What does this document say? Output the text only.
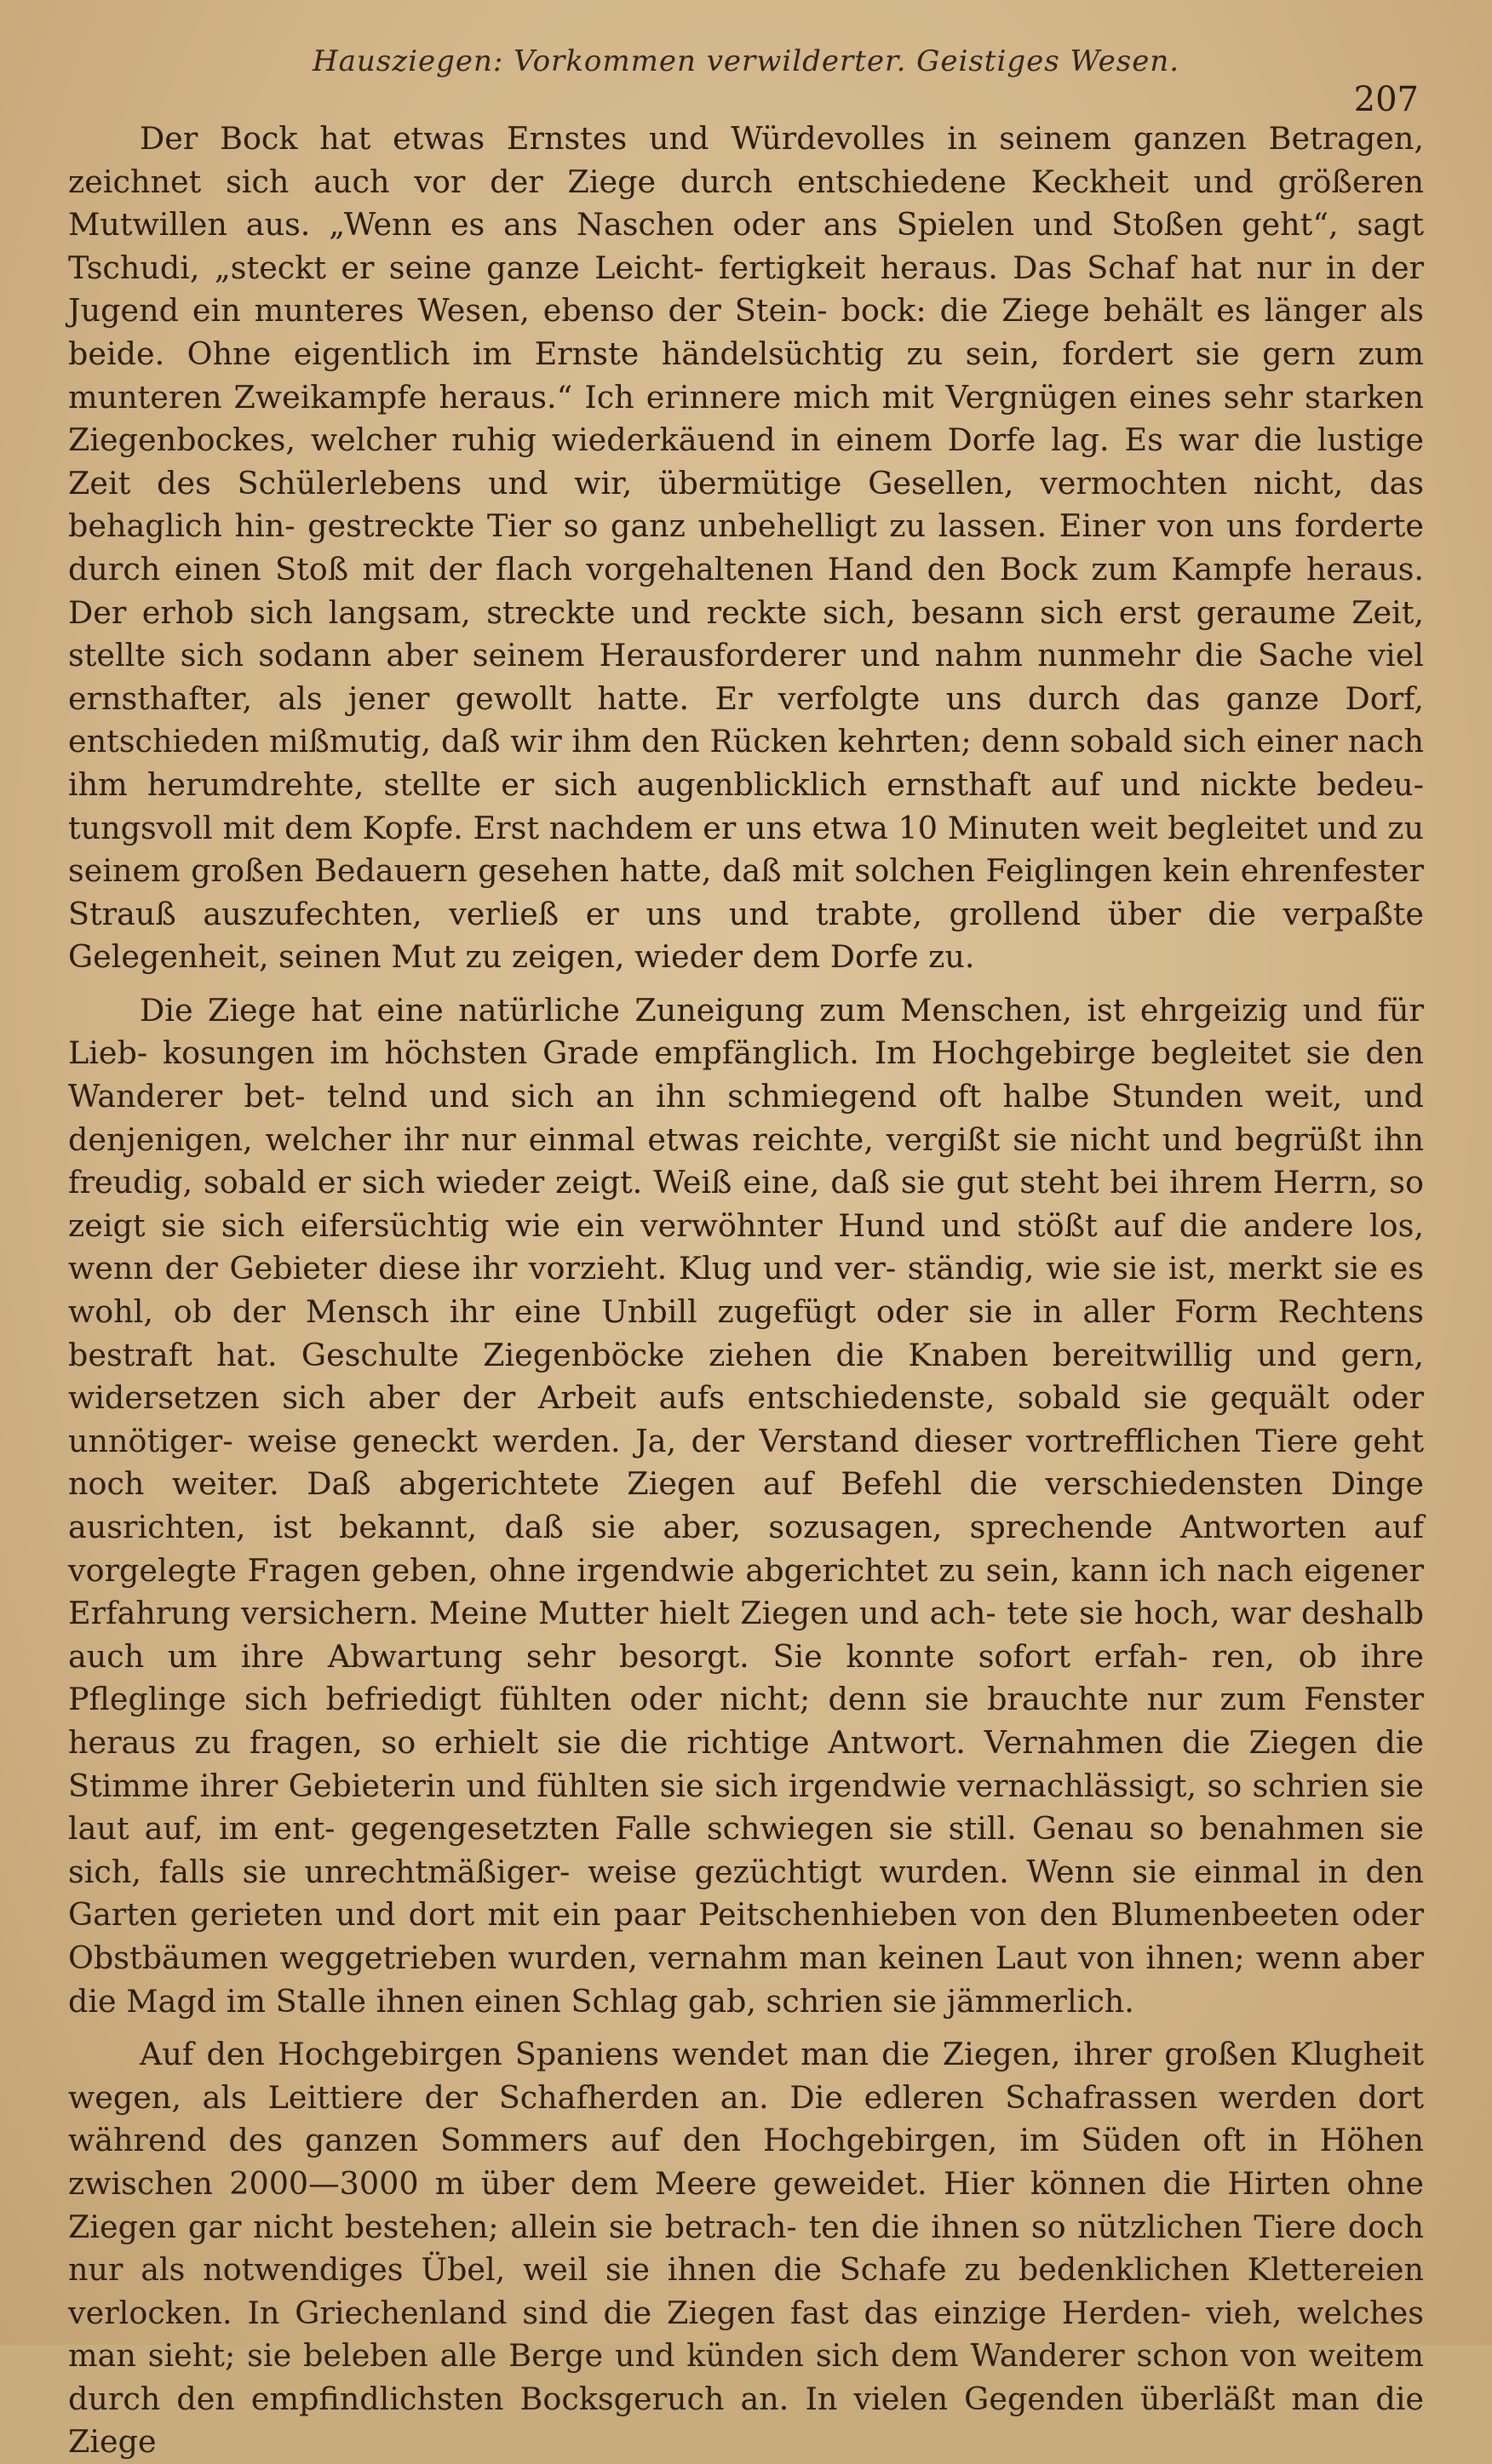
Hausziegen: Vorkommen verwilderter. Geistiges Wesen.
207

Der Bock hat etwas Ernstes und Würdevolles in seinem ganzen Betragen, zeichnet sich auch vor der Ziege durch entschiedene Keckheit und größeren Mutwillen aus. „Wenn es ans Naschen oder ans Spielen und Stoßen geht“, sagt Tschudi, „steckt er seine ganze Leicht- fertigkeit heraus. Das Schaf hat nur in der Jugend ein munteres Wesen, ebenso der Stein- bock: die Ziege behält es länger als beide. Ohne eigentlich im Ernste händelsüchtig zu sein, fordert sie gern zum munteren Zweikampfe heraus.“ Ich erinnere mich mit Vergnügen eines sehr starken Ziegenbockes, welcher ruhig wiederkäuend in einem Dorfe lag. Es war die lustige Zeit des Schülerlebens und wir, übermütige Gesellen, vermochten nicht, das behaglich hin- gestreckte Tier so ganz unbehelligt zu lassen. Einer von uns forderte durch einen Stoß mit der flach vorgehaltenen Hand den Bock zum Kampfe heraus. Der erhob sich langsam, streckte und reckte sich, besann sich erst geraume Zeit, stellte sich sodann aber seinem Herausforderer und nahm nunmehr die Sache viel ernsthafter, als jener gewollt hatte. Er verfolgte uns durch das ganze Dorf, entschieden mißmutig, daß wir ihm den Rücken kehrten; denn sobald sich einer nach ihm herumdrehte, stellte er sich augenblicklich ernsthaft auf und nickte bedeu- tungsvoll mit dem Kopfe. Erst nachdem er uns etwa 10 Minuten weit begleitet und zu seinem großen Bedauern gesehen hatte, daß mit solchen Feiglingen kein ehrenfester Strauß auszufechten, verließ er uns und trabte, grollend über die verpaßte Gelegenheit, seinen Mut zu zeigen, wieder dem Dorfe zu.

Die Ziege hat eine natürliche Zuneigung zum Menschen, ist ehrgeizig und für Lieb- kosungen im höchsten Grade empfänglich. Im Hochgebirge begleitet sie den Wanderer bet- telnd und sich an ihn schmiegend oft halbe Stunden weit, und denjenigen, welcher ihr nur einmal etwas reichte, vergißt sie nicht und begrüßt ihn freudig, sobald er sich wieder zeigt. Weiß eine, daß sie gut steht bei ihrem Herrn, so zeigt sie sich eifersüchtig wie ein verwöhnter Hund und stößt auf die andere los, wenn der Gebieter diese ihr vorzieht. Klug und ver- ständig, wie sie ist, merkt sie es wohl, ob der Mensch ihr eine Unbill zugefügt oder sie in aller Form Rechtens bestraft hat. Geschulte Ziegenböcke ziehen die Knaben bereitwillig und gern, widersetzen sich aber der Arbeit aufs entschiedenste, sobald sie gequält oder unnötiger- weise geneckt werden. Ja, der Verstand dieser vortrefflichen Tiere geht noch weiter. Daß abgerichtete Ziegen auf Befehl die verschiedensten Dinge ausrichten, ist bekannt, daß sie aber, sozusagen, sprechende Antworten auf vorgelegte Fragen geben, ohne irgendwie abgerichtet zu sein, kann ich nach eigener Erfahrung versichern. Meine Mutter hielt Ziegen und ach- tete sie hoch, war deshalb auch um ihre Abwartung sehr besorgt. Sie konnte sofort erfah- ren, ob ihre Pfleglinge sich befriedigt fühlten oder nicht; denn sie brauchte nur zum Fenster heraus zu fragen, so erhielt sie die richtige Antwort. Vernahmen die Ziegen die Stimme ihrer Gebieterin und fühlten sie sich irgendwie vernachlässigt, so schrien sie laut auf, im ent- gegengesetzten Falle schwiegen sie still. Genau so benahmen sie sich, falls sie unrechtmäßiger- weise gezüchtigt wurden. Wenn sie einmal in den Garten gerieten und dort mit ein paar Peitschenhieben von den Blumenbeeten oder Obstbäumen weggetrieben wurden, vernahm man keinen Laut von ihnen; wenn aber die Magd im Stalle ihnen einen Schlag gab, schrien sie jämmerlich.

Auf den Hochgebirgen Spaniens wendet man die Ziegen, ihrer großen Klugheit wegen, als Leittiere der Schafherden an. Die edleren Schafrassen werden dort während des ganzen Sommers auf den Hochgebirgen, im Süden oft in Höhen zwischen 2000—3000 m über dem Meere geweidet. Hier können die Hirten ohne Ziegen gar nicht bestehen; allein sie betrach- ten die ihnen so nützlichen Tiere doch nur als notwendiges Übel, weil sie ihnen die Schafe zu bedenklichen Klettereien verlocken. In Griechenland sind die Ziegen fast das einzige Herden- vieh, welches man sieht; sie beleben alle Berge und künden sich dem Wanderer schon von weitem durch den empfindlichsten Bocksgeruch an. In vielen Gegenden überläßt man die Ziege
